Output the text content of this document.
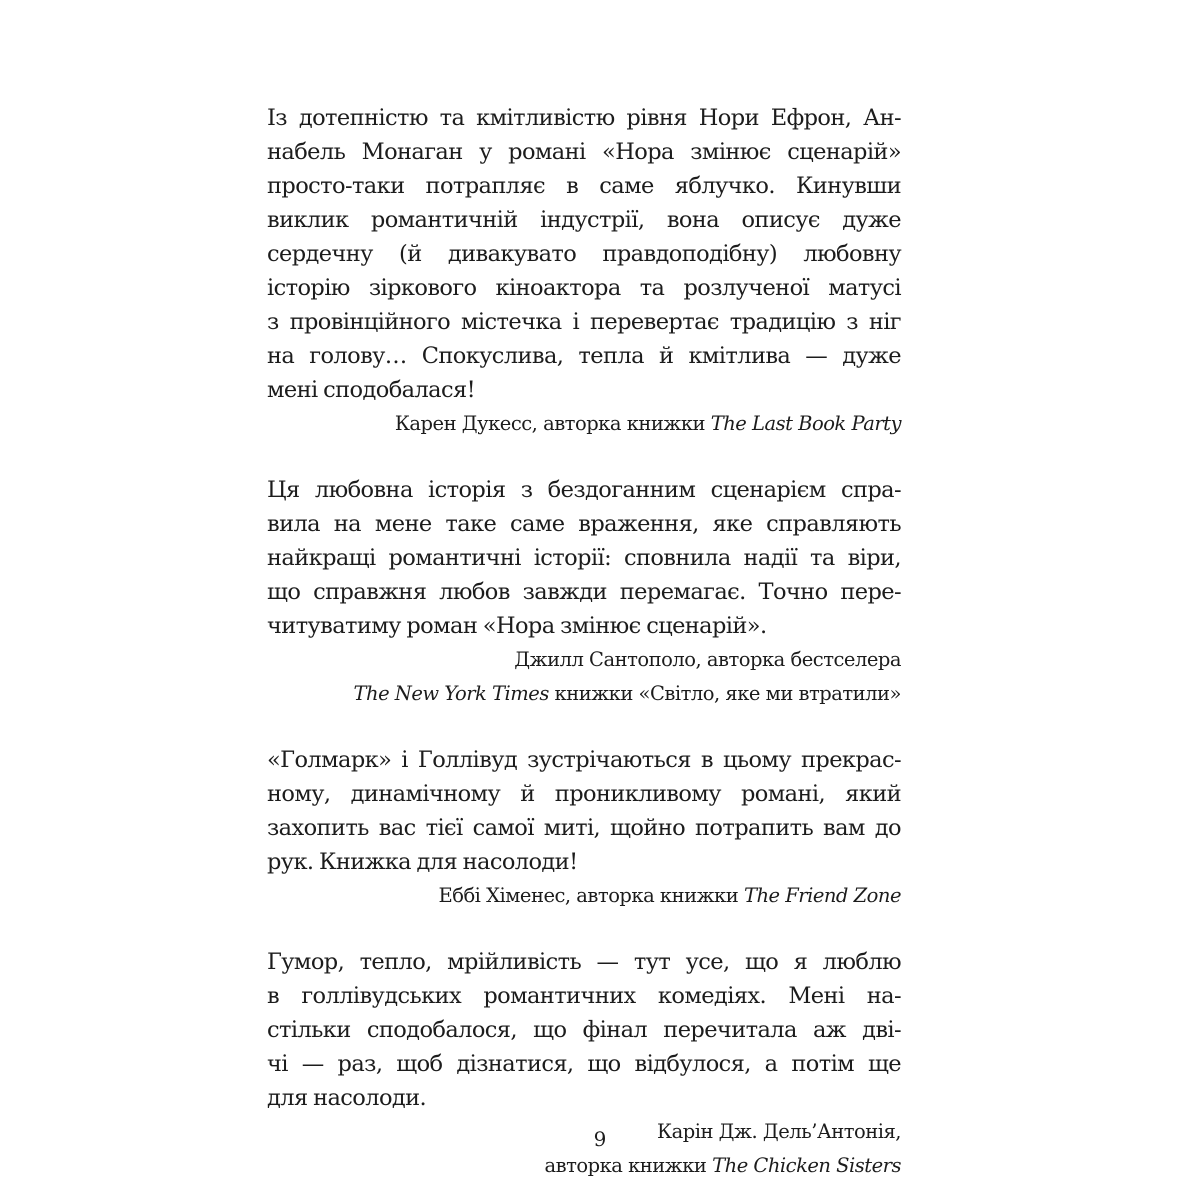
Із дотепністю та кмітливістю рівня Нори Ефрон, Ан-
набель Монаган у романі «Нора змінює сценарій»
просто-таки потрапляє в саме яблучко. Кинувши
виклик романтичній індустрії, вона описує дуже
сердечну (й дивакувато правдоподібну) любовну
історію зіркового кіноактора та розлученої матусі
з провінційного містечка і перевертає традицію з ніг
на голову… Спокуслива, тепла й кмітлива — дуже
мені сподобалася!
Карен Дукесс, авторка книжки The Last Book Party
Ця любовна історія з бездоганним сценарієм спра-
вила на мене таке саме враження, яке справляють
найкращі романтичні історії: сповнила надії та віри,
що справжня любов завжди перемагає. Точно пере-
читуватиму роман «Нора змінює сценарій».
Джилл Сантополо, авторка бестселера
The New York Times книжки «Світло, яке ми втратили»
«Голмарк» і Голлівуд зустрічаються в цьому прекрас-
ному, динамічному й проникливому романі, який
захопить вас тієї самої миті, щойно потрапить вам до
рук. Книжка для насолоди!
Еббі Хіменес, авторка книжки The Friend Zone
Гумор, тепло, мрійливість — тут усе, що я люблю
в голлівудських романтичних комедіях. Мені на-
стільки сподобалося, що фінал перечитала аж дві-
чі — раз, щоб дізнатися, що відбулося, а потім ще
для насолоди.
Карін Дж. Дель’Антонія,
авторка книжки The Chicken Sisters
9
